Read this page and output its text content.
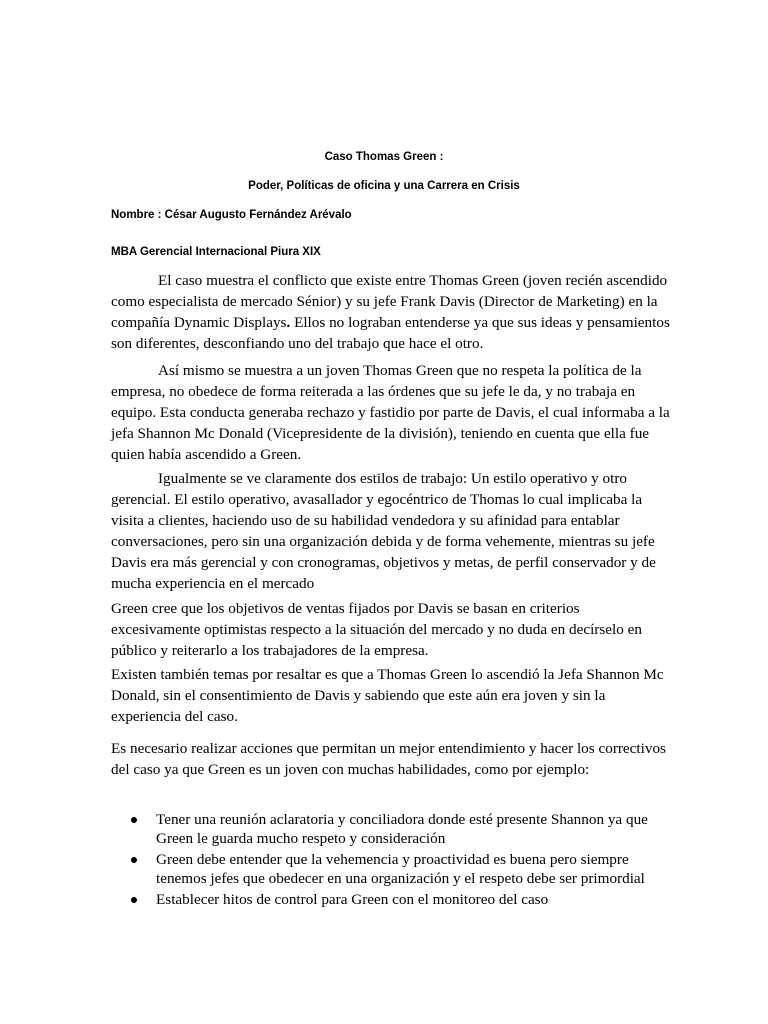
Caso Thomas Green :
Poder, Políticas de oficina y una Carrera en Crisis
Nombre : César Augusto Fernández Arévalo
MBA Gerencial Internacional Piura XIX

El caso muestra el conflicto que existe entre Thomas Green (joven recién ascendido como especialista de mercado Sénior) y su jefe Frank Davis (Director de Marketing) en la compañía Dynamic Displays. Ellos no lograban entenderse ya que sus ideas y pensamientos son diferentes, desconfiando uno del trabajo que hace el otro.

Así mismo se muestra a un joven Thomas Green que no respeta la política de la empresa, no obedece de forma reiterada a las órdenes que su jefe le da, y no trabaja en equipo. Esta conducta generaba rechazo y fastidio por parte de Davis, el cual informaba a la jefa Shannon Mc Donald (Vicepresidente de la división), teniendo en cuenta que ella fue quien había ascendido a Green.

Igualmente se ve claramente dos estilos de trabajo: Un estilo operativo y otro gerencial. El estilo operativo, avasallador y egocéntrico de Thomas lo cual implicaba la visita a clientes, haciendo uso de su habilidad vendedora y su afinidad para entablar conversaciones, pero sin una organización debida y de forma vehemente, mientras su jefe Davis era más gerencial y con cronogramas, objetivos y metas, de perfil conservador y de mucha experiencia en el mercado

Green cree que los objetivos de ventas fijados por Davis se basan en criterios excesivamente optimistas respecto a la situación del mercado y no duda en decírselo en público y reiterarlo a los trabajadores de la empresa.

Existen también temas por resaltar es que a Thomas Green lo ascendió la Jefa Shannon Mc Donald, sin el consentimiento de Davis y sabiendo que este aún era joven y sin la experiencia del caso.

Es necesario realizar acciones que permitan un mejor entendimiento y hacer los correctivos del caso ya que Green es un joven con muchas habilidades, como por ejemplo:

Tener una reunión aclaratoria y conciliadora donde esté presente Shannon ya que Green le guarda mucho respeto y consideración
Green debe entender que la vehemencia y proactividad es buena pero siempre tenemos jefes que obedecer en una organización y el respeto debe ser primordial
Establecer hitos de control para Green con el monitoreo del caso
